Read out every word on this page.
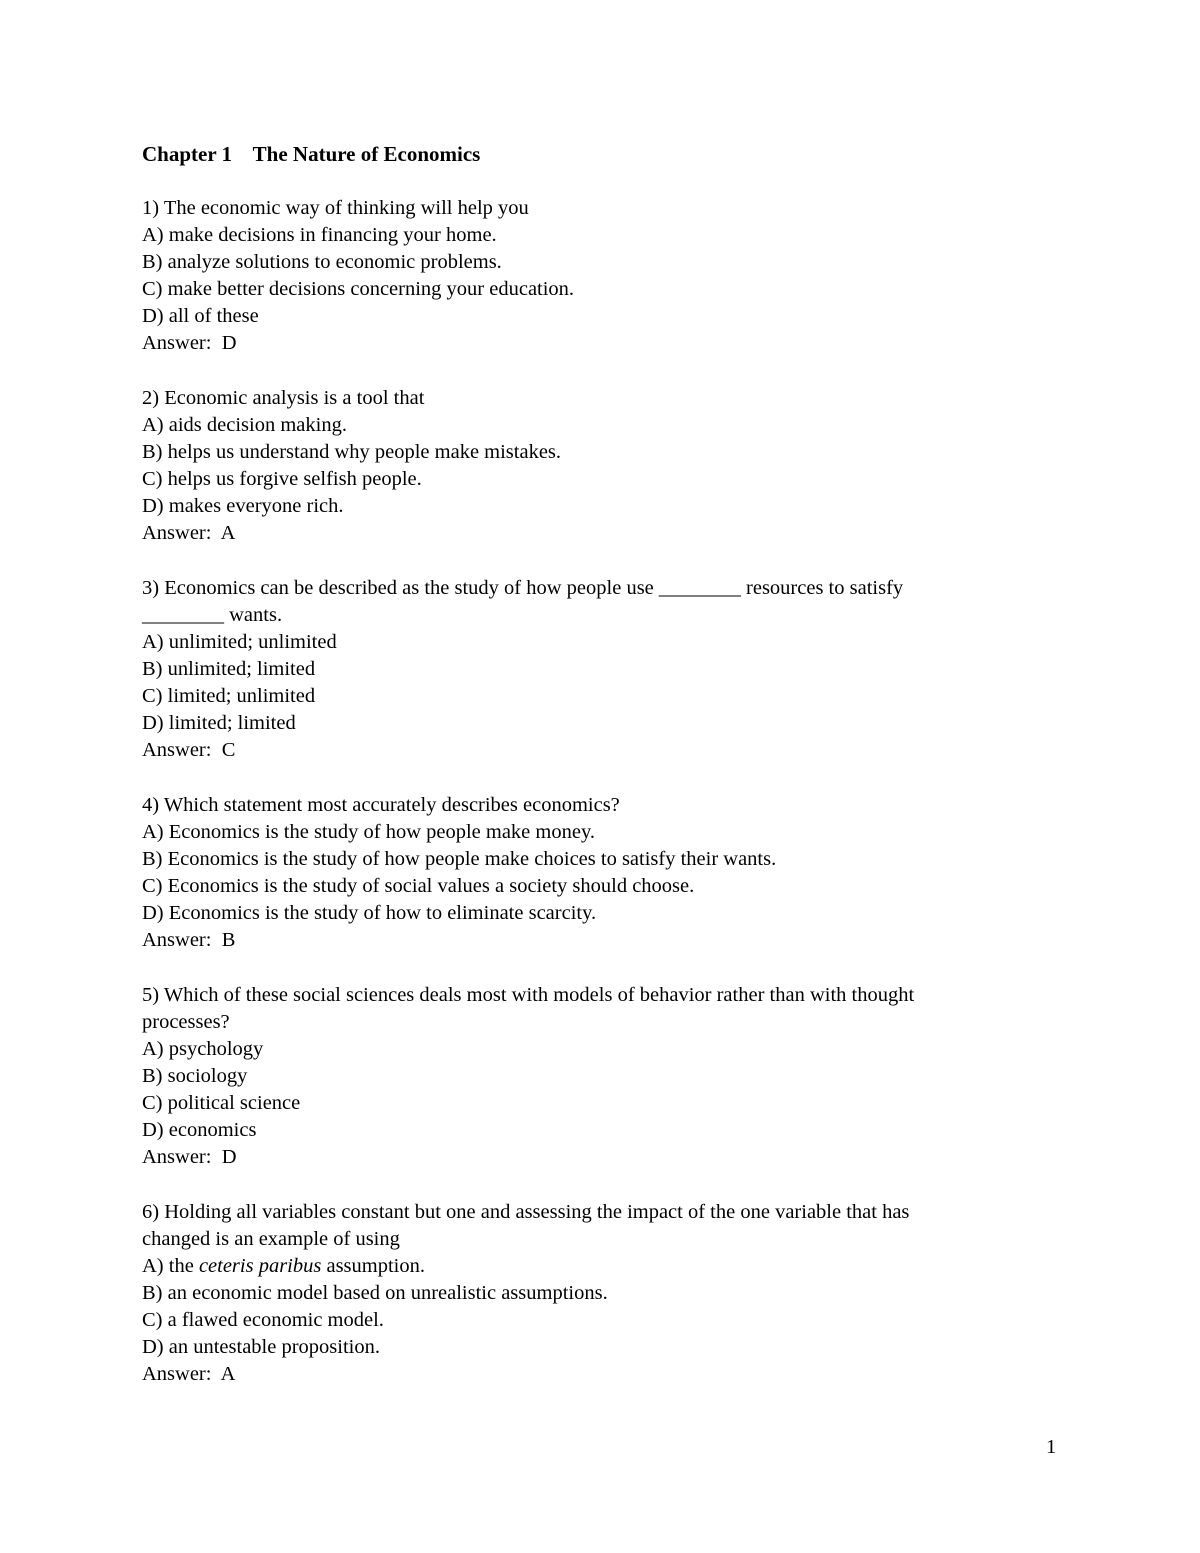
Chapter 1    The Nature of Economics
1) The economic way of thinking will help you
A) make decisions in financing your home.
B) analyze solutions to economic problems.
C) make better decisions concerning your education.
D) all of these
Answer:  D
2) Economic analysis is a tool that
A) aids decision making.
B) helps us understand why people make mistakes.
C) helps us forgive selfish people.
D) makes everyone rich.
Answer:  A
3) Economics can be described as the study of how people use ________ resources to satisfy
________ wants.
A) unlimited; unlimited
B) unlimited; limited
C) limited; unlimited
D) limited; limited
Answer:  C
4) Which statement most accurately describes economics?
A) Economics is the study of how people make money.
B) Economics is the study of how people make choices to satisfy their wants.
C) Economics is the study of social values a society should choose.
D) Economics is the study of how to eliminate scarcity.
Answer:  B
5) Which of these social sciences deals most with models of behavior rather than with thought
processes?
A) psychology
B) sociology
C) political science
D) economics
Answer:  D
6) Holding all variables constant but one and assessing the impact of the one variable that has
changed is an example of using
A) the ceteris paribus assumption.
B) an economic model based on unrealistic assumptions.
C) a flawed economic model.
D) an untestable proposition.
Answer:  A
1
